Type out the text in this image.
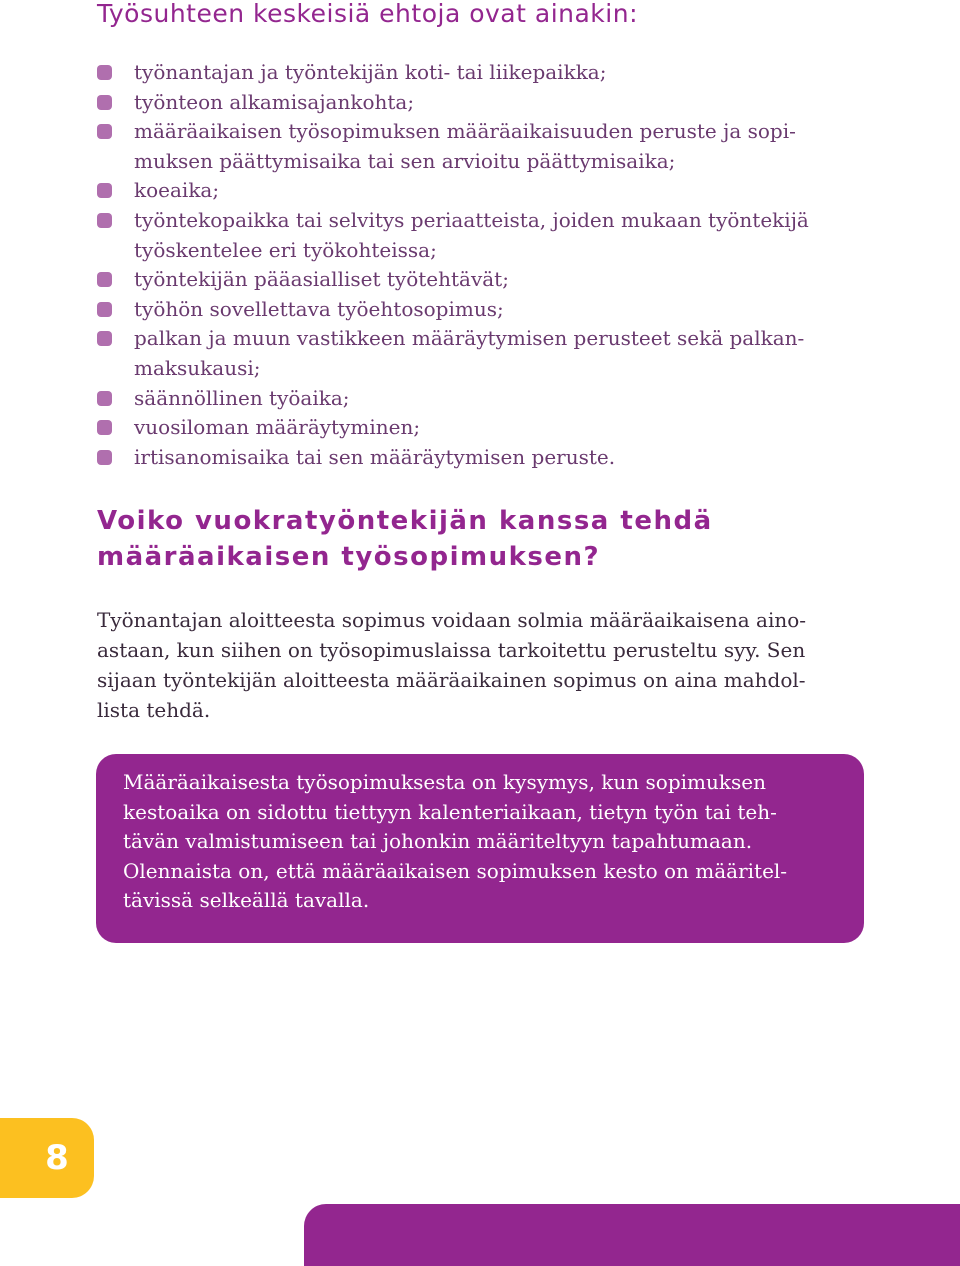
Työsuhteen keskeisiä ehtoja ovat ainakin:
työnantajan ja työntekijän koti- tai liikepaikka;
työnteon alkamisajankohta;
määräaikaisen työsopimuksen määräaikaisuuden peruste ja sopi-
muksen päättymisaika tai sen arvioitu päättymisaika;
koeaika;
työntekopaikka tai selvitys periaatteista, joiden mukaan työntekijä
työskentelee eri työkohteissa;
työntekijän pääasialliset työtehtävät;
työhön sovellettava työehtosopimus;
palkan ja muun vastikkeen määräytymisen perusteet sekä palkan-
maksukausi;
säännöllinen työaika;
vuosiloman määräytyminen;
irtisanomisaika tai sen määräytymisen peruste.
Voiko vuokratyöntekijän kanssa tehdä
määräaikaisen työsopimuksen?

Työnantajan aloitteesta sopimus voidaan solmia määräaikaisena aino-
astaan, kun siihen on työsopimuslaissa tarkoitettu perusteltu syy. Sen
sijaan työntekijän aloitteesta määräaikainen sopimus on aina mahdol-
lista tehdä.

Määräaikaisesta työsopimuksesta on kysymys, kun sopimuksen
kestoaika on sidottu tiettyyn kalenteriaikaan, tietyn työn tai teh-
tävän valmistumiseen tai johonkin määriteltyyn tapahtumaan.
Olennaista on, että määräaikaisen sopimuksen kesto on määritel-
tävissä selkeällä tavalla.

8
